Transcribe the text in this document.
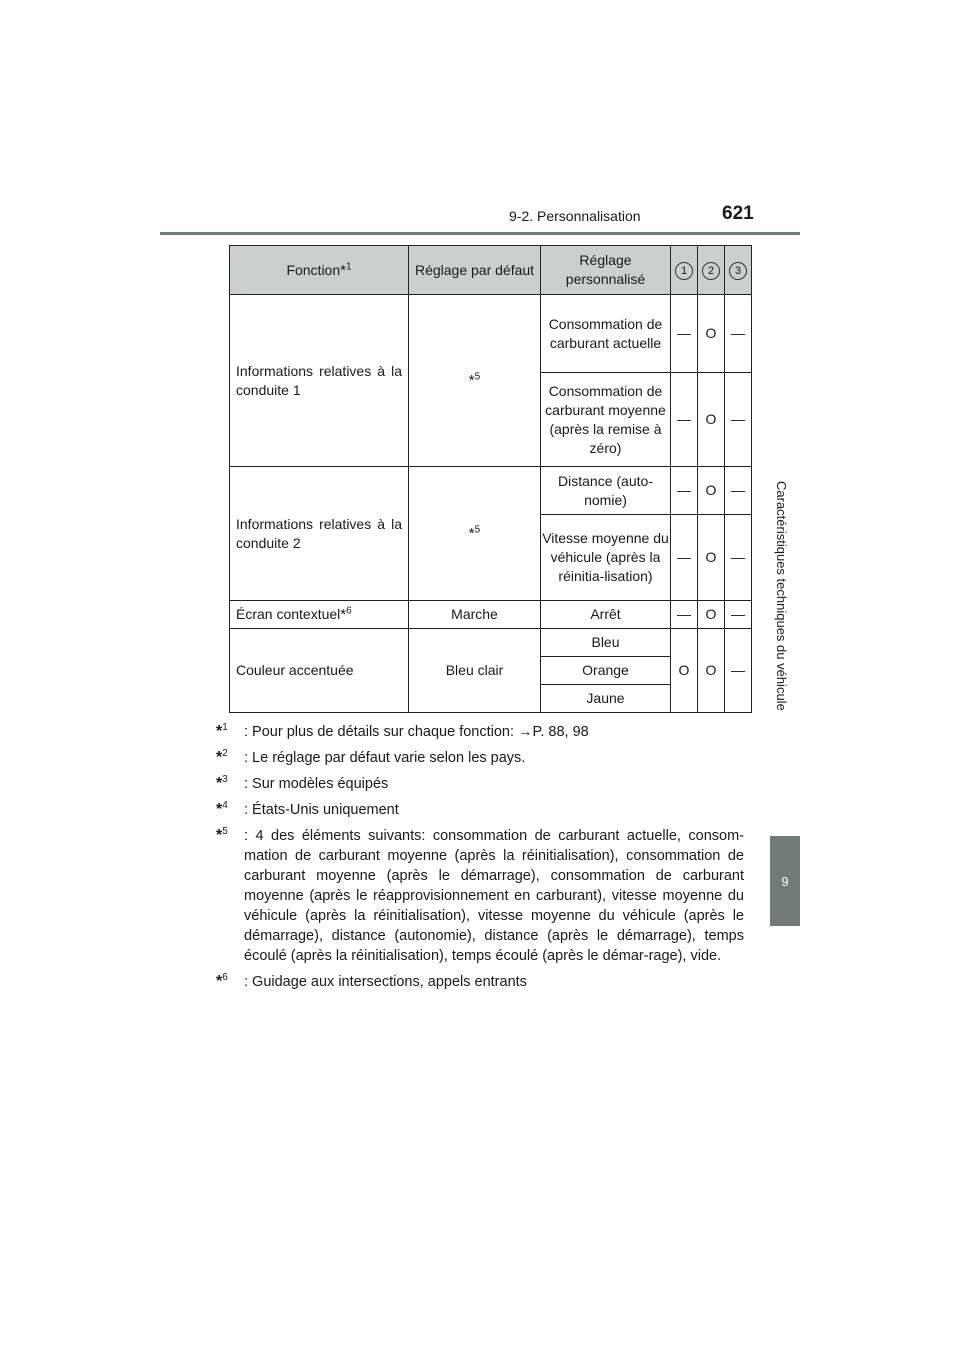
9-2. Personnalisation	621
Caractéristiques techniques du véhicule
9
Fonction*$^1$	Réglage par défaut	Réglage personnalisé	1	2	3
Informations relatives à la conduite 1	*$^5$	Consommation de carburant actuelle	—	O	—
		Consommation de carburant moyenne (après la remise à zéro)	—	O	—
Informations relatives à la conduite 2	*$^5$	Distance (auto-nomie)	—	O	—
		Vitesse moyenne du véhicule (après la réinitia-lisation)	—	O	—
Écran contextuel*$^6$	Marche	Arrêt	—	O	—
Couleur accentuée	Bleu clair	Bleu	O	O	—
		Orange			
		Jaune			
*$^1$	: Pour plus de détails sur chaque fonction: →P. 88, 98
*$^2$	: Le réglage par défaut varie selon les pays.
*$^3$	: Sur modèles équipés
*$^4$	: États-Unis uniquement
*$^5$	: 4 des éléments suivants: consommation de carburant actuelle, consom-mation de carburant moyenne (après la réinitialisation), consommation de carburant moyenne (après le démarrage), consommation de carburant moyenne (après le réapprovisionnement en carburant), vitesse moyenne du véhicule (après la réinitialisation), vitesse moyenne du véhicule (après le démarrage), distance (autonomie), distance (après le démarrage), temps écoulé (après la réinitialisation), temps écoulé (après le démar-rage), vide.
*$^6$	: Guidage aux intersections, appels entrants
